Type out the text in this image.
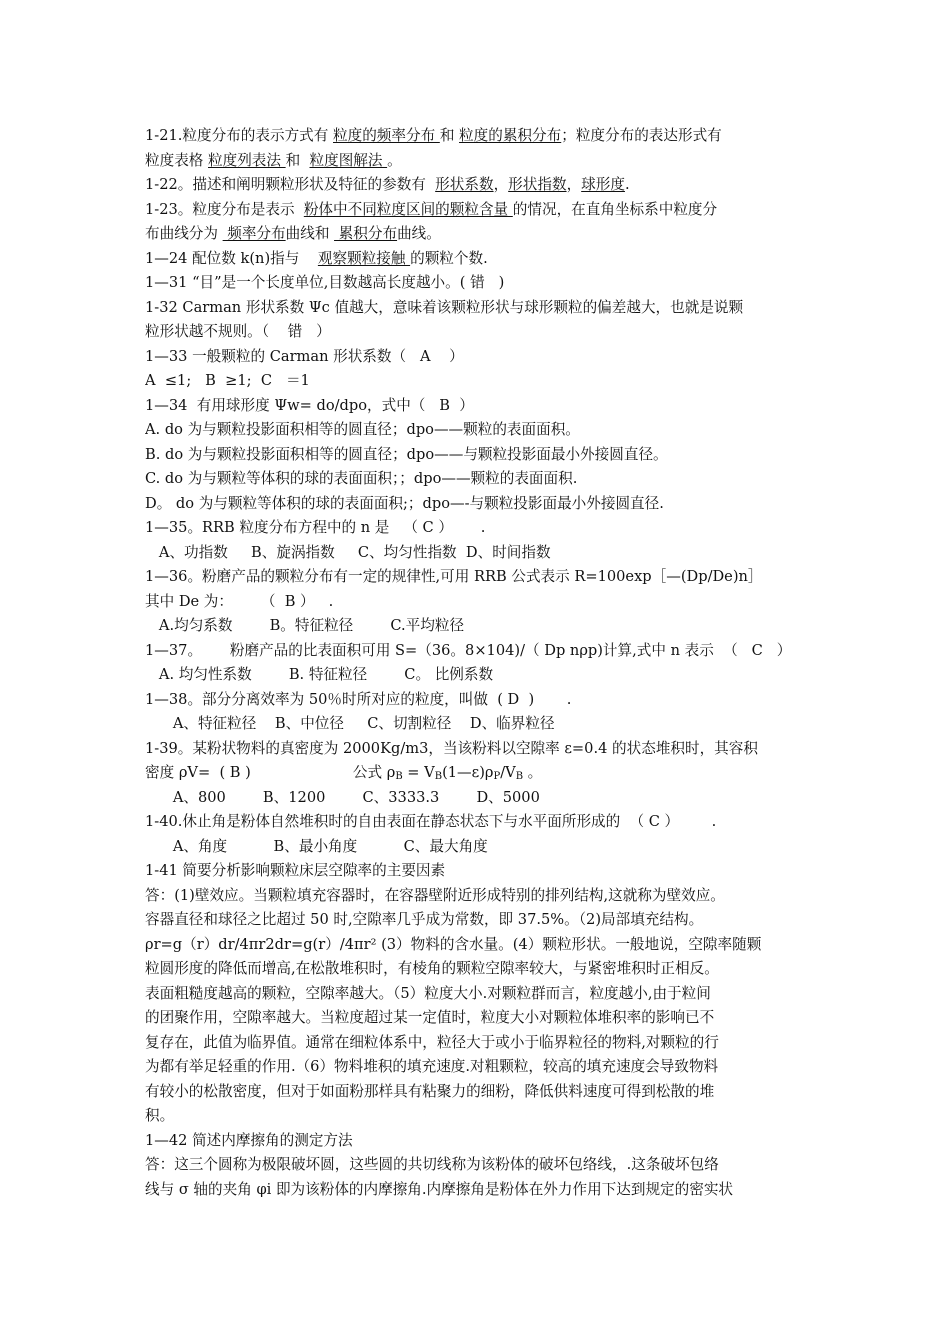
1-21.粒度分布的表示方式有 粒度的频率分布 和 粒度的累积分布；粒度分布的表达形式有
粒度表格 粒度列表法 和  粒度图解法 。
1-22。描述和阐明颗粒形状及特征的参数有  形状系数，形状指数，球形度.
1-23。粒度分布是表示  粉体中不同粒度区间的颗粒含量 的情况，在直角坐标系中粒度分
布曲线分为  频率分布曲线和  累积分布曲线。
1—24 配位数 k(n)指与    观察颗粒接触 的颗粒个数.
1—31 “目”是一个长度单位,目数越高长度越小。( 错   )
1-32 Carman 形状系数 Ψc 值越大，意味着该颗粒形状与球形颗粒的偏差越大，也就是说颗
粒形状越不规则。（    错   ）
1—33 一般颗粒的 Carman 形状系数（   A    ）
A  ≤1;   B  ≥1;  C   ＝1
1—34  有用球形度 Ψw= do/dpo，式中（   B  ）
A. do 为与颗粒投影面积相等的圆直径；dpo——颗粒的表面面积。
B. do 为与颗粒投影面积相等的圆直径；dpo——与颗粒投影面最小外接圆直径。
C. do 为与颗粒等体积的球的表面面积；；dpo——颗粒的表面面积.
D。 do 为与颗粒等体积的球的表面面积;；dpo—-与颗粒投影面最小外接圆直径.
1—35。RRB 粒度分布方程中的 n 是   （ C ）      .
A、功指数     B、旋涡指数     C、均匀性指数  D、时间指数
1—36。粉磨产品的颗粒分布有一定的规律性,可用 RRB 公式表示 R=100exp［—(Dp/De)n］
其中 De 为：      （  B ）   .
A.均匀系数        B。特征粒径        C.平均粒径
1—37。      粉磨产品的比表面积可用 S=（36。8×104)/（ Dp nρp)计算,式中 n 表示  （   C   ）
A. 均匀性系数        B. 特征粒径        C。 比例系数
1—38。部分分离效率为 50％时所对应的粒度，叫做  ( D  )       .
A、特征粒径    B、中位径     C、切割粒径    D、临界粒径
1-39。某粉状物料的真密度为 2000Kg/m3，当该粉料以空隙率 ε=0.4 的状态堆积时，其容积
密度 ρV=  ( B )                      公式 $\rho_B$ = $V_B(1—\varepsilon)\rho_P/V_B$ 。
A、800        B、1200        C、3333.3        D、5000
1-40.休止角是粉体自然堆积时的自由表面在静态状态下与水平面所形成的  （ C ）       .
A、角度          B、最小角度          C、最大角度
1-41 简要分析影响颗粒床层空隙率的主要因素
答：(1)壁效应。当颗粒填充容器时，在容器壁附近形成特别的排列结构,这就称为壁效应。
容器直径和球径之比超过 50 时,空隙率几乎成为常数，即 37.5%。（2)局部填充结构。
ρr=g（r）dr/4πr2dr=g(r）/4πr² (3）物料的含水量。(4）颗粒形状。一般地说，空隙率随颗
粒圆形度的降低而增高,在松散堆积时，有棱角的颗粒空隙率较大，与紧密堆积时正相反。
表面粗糙度越高的颗粒，空隙率越大。（5）粒度大小.对颗粒群而言，粒度越小,由于粒间
的团聚作用，空隙率越大。当粒度超过某一定值时，粒度大小对颗粒体堆积率的影响已不
复存在，此值为临界值。通常在细粒体系中，粒径大于或小于临界粒径的物料,对颗粒的行
为都有举足轻重的作用.（6）物料堆积的填充速度.对粗颗粒，较高的填充速度会导致物料
有较小的松散密度，但对于如面粉那样具有粘聚力的细粉，降低供料速度可得到松散的堆
积。
1—42 简述内摩擦角的测定方法
答：这三个圆称为极限破坏圆，这些圆的共切线称为该粉体的破坏包络线，.这条破坏包络
线与 σ 轴的夹角 φi 即为该粉体的内摩擦角.内摩擦角是粉体在外力作用下达到规定的密实状
